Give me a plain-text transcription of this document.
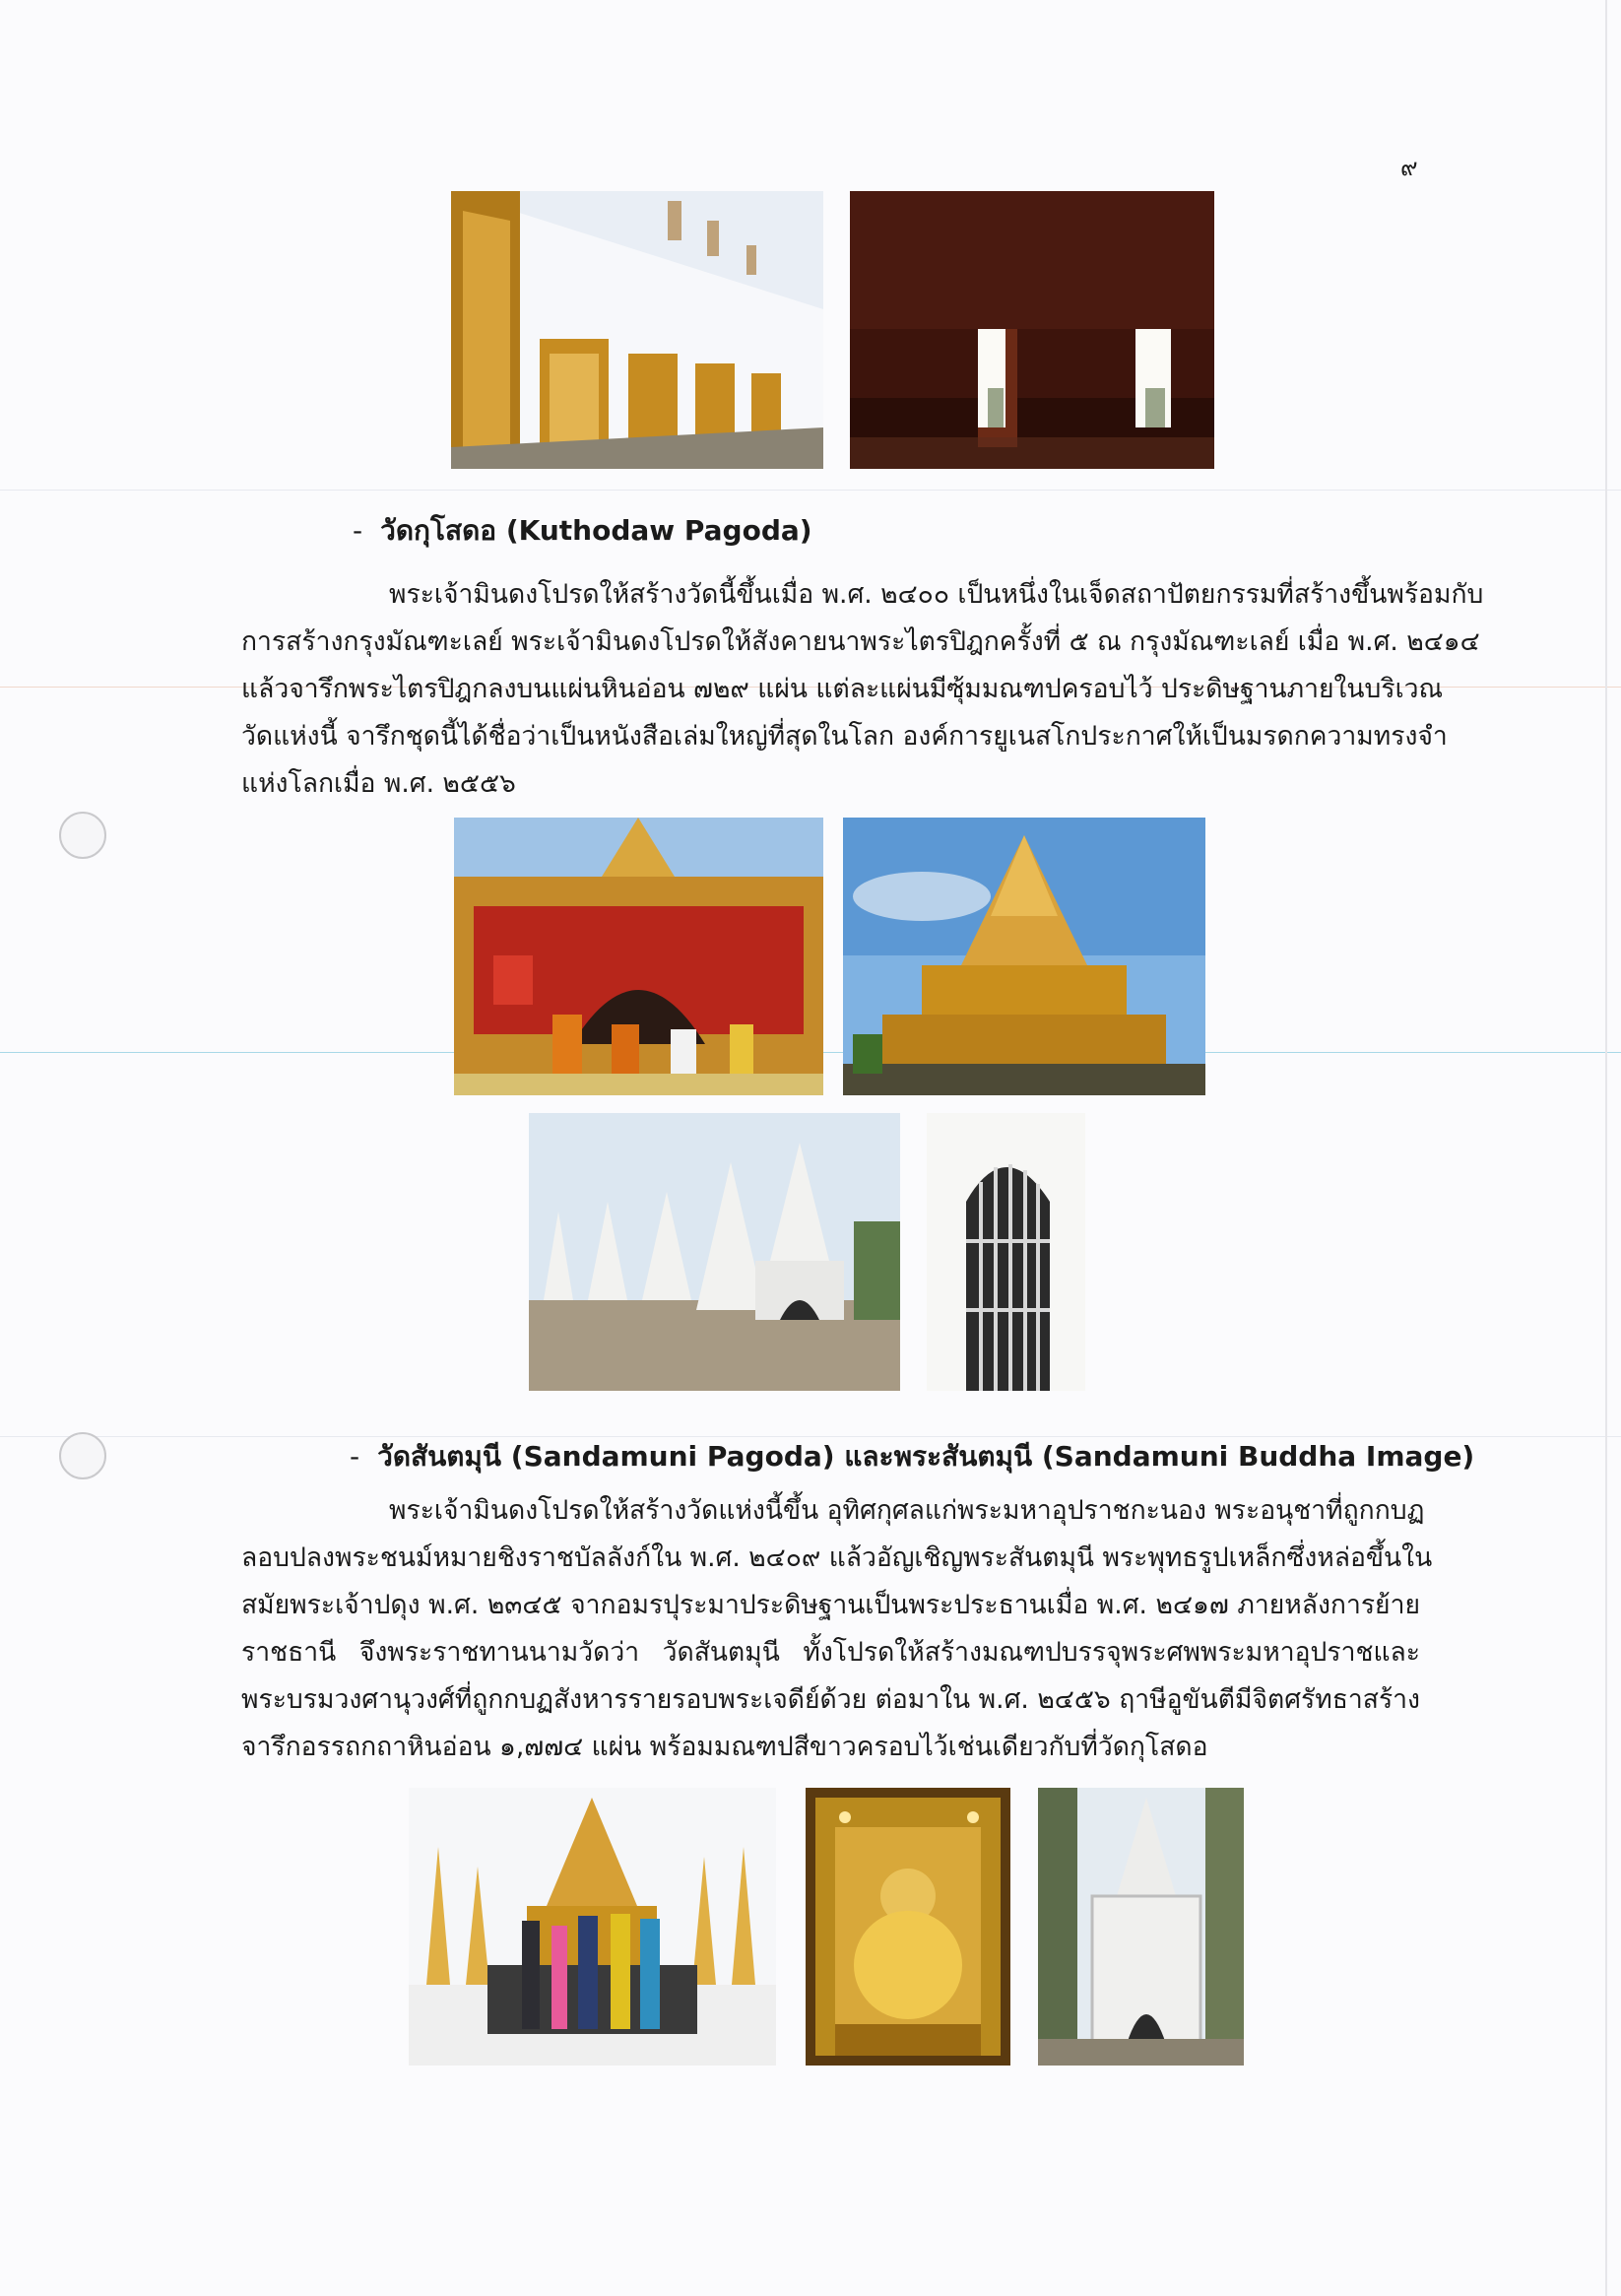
๙
- วัดกุโสดอ (Kuthodaw Pagoda)
พระเจ้ามินดงโปรดให้สร้างวัดนี้ขึ้นเมื่อ พ.ศ. ๒๔๐๐ เป็นหนึ่งในเจ็ดสถาปัตยกรรมที่สร้างขึ้นพร้อมกับ
การสร้างกรุงมัณฑะเลย์ พระเจ้ามินดงโปรดให้สังคายนาพระไตรปิฎกครั้งที่ ๕ ณ กรุงมัณฑะเลย์ เมื่อ พ.ศ. ๒๔๑๔
แล้วจารึกพระไตรปิฎกลงบนแผ่นหินอ่อน ๗๒๙ แผ่น แต่ละแผ่นมีซุ้มมณฑปครอบไว้ ประดิษฐานภายในบริเวณ
วัดแห่งนี้ จารึกชุดนี้ได้ชื่อว่าเป็นหนังสือเล่มใหญ่ที่สุดในโลก องค์การยูเนสโกประกาศให้เป็นมรดกความทรงจำ
แห่งโลกเมื่อ พ.ศ. ๒๕๕๖
- วัดสันตมุนี (Sandamuni Pagoda) และพระสันตมุนี (Sandamuni Buddha Image)
พระเจ้ามินดงโปรดให้สร้างวัดแห่งนี้ขึ้น อุทิศกุศลแก่พระมหาอุปราชกะนอง พระอนุชาที่ถูกกบฏ
ลอบปลงพระชนม์หมายชิงราชบัลลังก์ใน พ.ศ. ๒๔๐๙ แล้วอัญเชิญพระสันตมุนี พระพุทธรูปเหล็กซึ่งหล่อขึ้นใน
สมัยพระเจ้าปดุง พ.ศ. ๒๓๔๕ จากอมรปุระมาประดิษฐานเป็นพระประธานเมื่อ พ.ศ. ๒๔๑๗ ภายหลังการย้าย
ราชธานี จึงพระราชทานนามวัดว่า วัดสันตมุนี ทั้งโปรดให้สร้างมณฑปบรรจุพระศพพระมหาอุปราชและ
พระบรมวงศานุวงศ์ที่ถูกกบฏสังหารรายรอบพระเจดีย์ด้วย ต่อมาใน พ.ศ. ๒๔๕๖ ฤาษีอูขันตีมีจิตศรัทธาสร้าง
จารึกอรรถกถาหินอ่อน ๑,๗๗๔ แผ่น พร้อมมณฑปสีขาวครอบไว้เช่นเดียวกับที่วัดกุโสดอ
